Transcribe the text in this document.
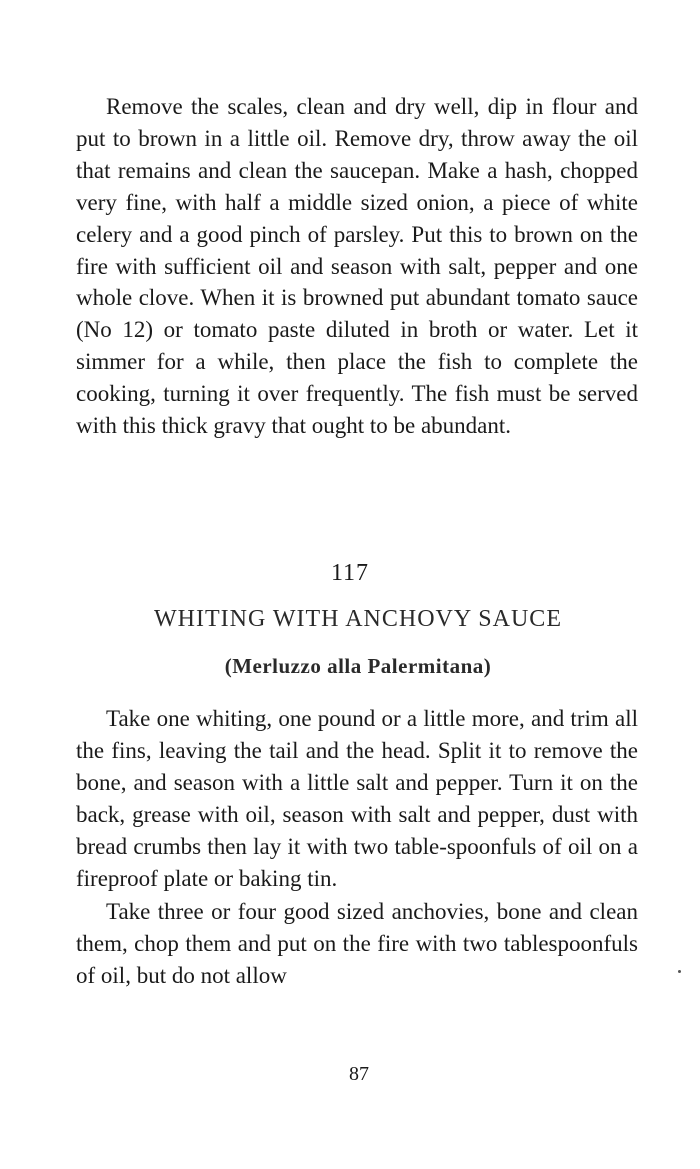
Remove the scales, clean and dry well, dip in flour and put to brown in a little oil. Remove dry, throw away the oil that remains and clean the saucepan. Make a hash, chopped very fine, with half a middle sized onion, a piece of white celery and a good pinch of parsley. Put this to brown on the fire with sufficient oil and season with salt, pepper and one whole clove. When it is browned put abundant tomato sauce (No 12) or tomato paste diluted in broth or water. Let it simmer for a while, then place the fish to complete the cooking, turning it over frequently. The fish must be served with this thick gravy that ought to be abundant.

117
WHITING WITH ANCHOVY SAUCE
(Merluzzo alla Palermitana)

Take one whiting, one pound or a little more, and trim all the fins, leaving the tail and the head. Split it to remove the bone, and season with a little salt and pepper. Turn it on the back, grease with oil, season with salt and pepper, dust with bread crumbs then lay it with two table-spoonfuls of oil on a fireproof plate or baking tin.

Take three or four good sized anchovies, bone and clean them, chop them and put on the fire with two tablespoonfuls of oil, but do not allow

87
